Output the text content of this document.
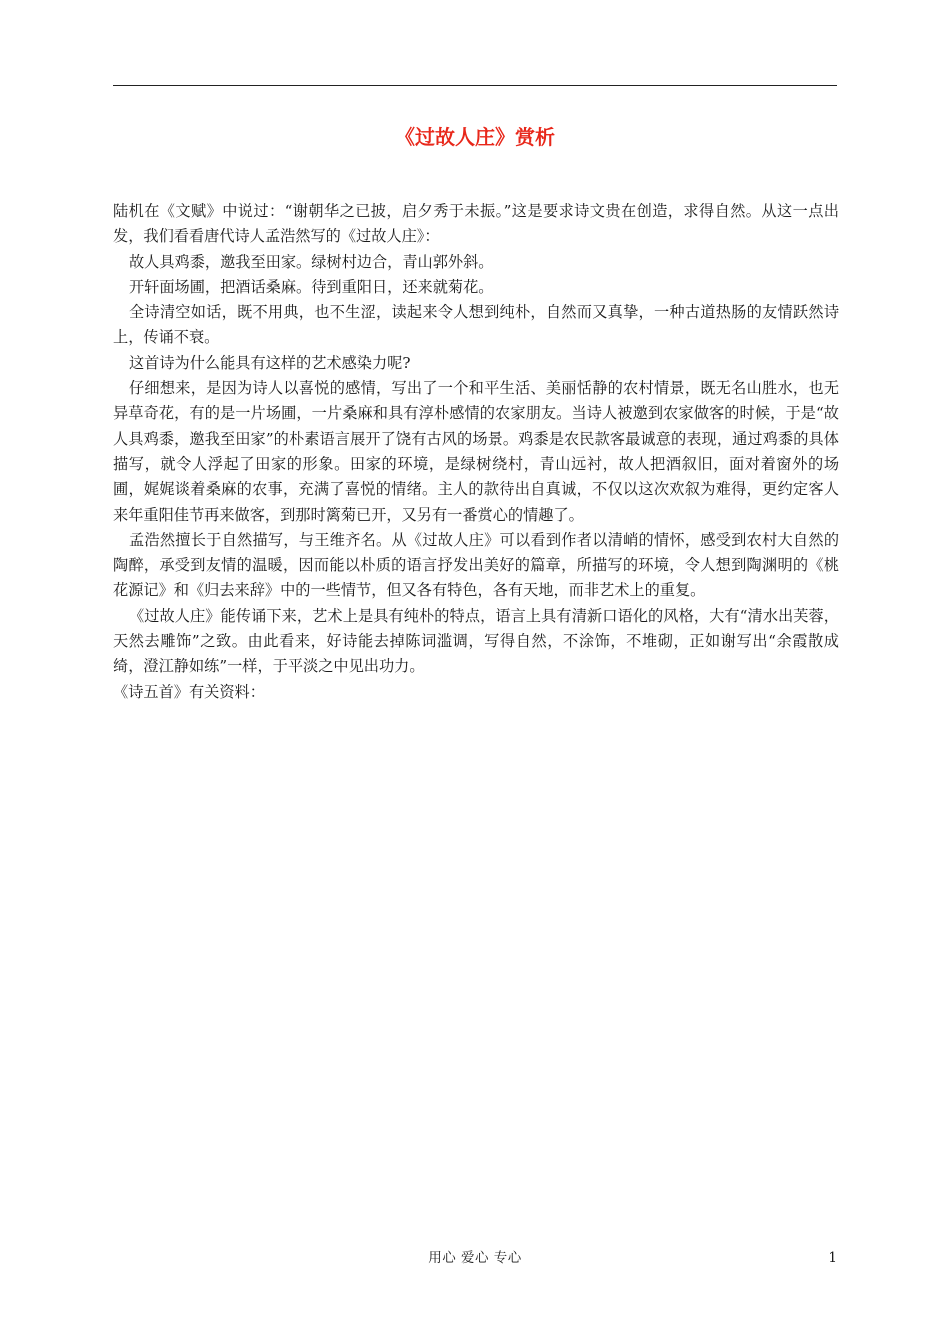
《过故人庄》赏析

陆机在《文赋》中说过：“谢朝华之已披，启夕秀于未振。”这是要求诗文贵在创造，求得自然。从这一点出发，我们看看唐代诗人孟浩然写的《过故人庄》：

故人具鸡黍，邀我至田家。绿树村边合，青山郭外斜。

开轩面场圃，把酒话桑麻。待到重阳日，还来就菊花。

全诗清空如话，既不用典，也不生涩，读起来令人想到纯朴，自然而又真挚，一种古道热肠的友情跃然诗上，传诵不衰。

这首诗为什么能具有这样的艺术感染力呢?

仔细想来，是因为诗人以喜悦的感情，写出了一个和平生活、美丽恬静的农村情景，既无名山胜水，也无异草奇花，有的是一片场圃，一片桑麻和具有淳朴感情的农家朋友。当诗人被邀到农家做客的时候，于是“故人具鸡黍，邀我至田家”的朴素语言展开了饶有古风的场景。鸡黍是农民款客最诚意的表现，通过鸡黍的具体描写，就令人浮起了田家的形象。田家的环境，是绿树绕村，青山远衬，故人把酒叙旧，面对着窗外的场圃，娓娓谈着桑麻的农事，充满了喜悦的情绪。主人的款待出自真诚，不仅以这次欢叙为难得，更约定客人来年重阳佳节再来做客，到那时篱菊已开，又另有一番赏心的情趣了。

孟浩然擅长于自然描写，与王维齐名。从《过故人庄》可以看到作者以清峭的情怀，感受到农村大自然的陶醉，承受到友情的温暖，因而能以朴质的语言抒发出美好的篇章，所描写的环境，令人想到陶渊明的《桃花源记》和《归去来辞》中的一些情节，但又各有特色，各有天地，而非艺术上的重复。

《过故人庄》能传诵下来，艺术上是具有纯朴的特点，语言上具有清新口语化的风格，大有“清水出芙蓉，天然去雕饰”之致。由此看来，好诗能去掉陈词滥调，写得自然，不涂饰，不堆砌，正如谢写出“余霞散成绮，澄江静如练”一样，于平淡之中见出功力。

《诗五首》有关资料：

用心 爱心 专心	1
